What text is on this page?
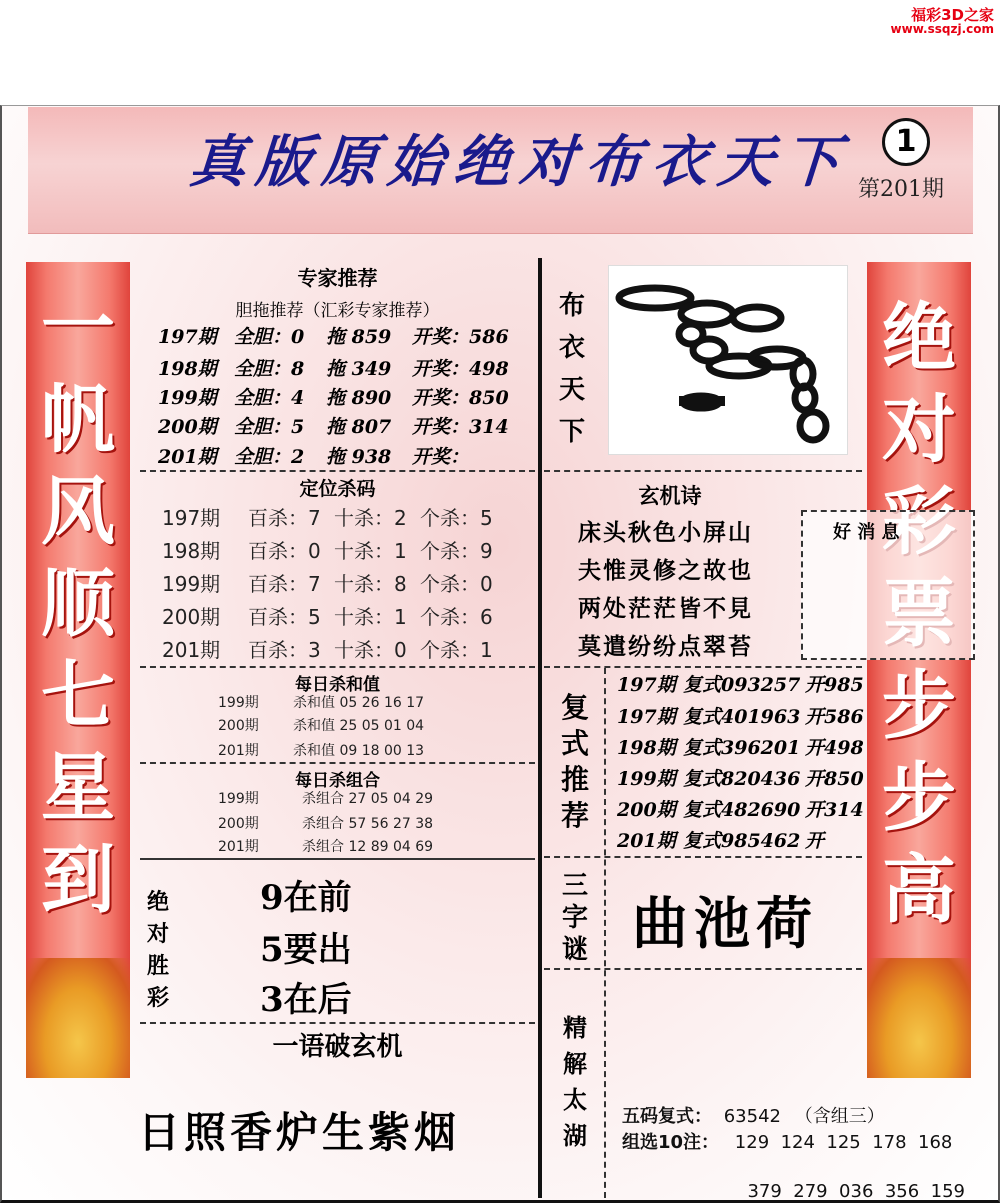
福彩3D之家
www.ssqzj.com
真版原始绝对布衣天下	1
第201期
一帆风顺七星到
绝对 步步高
专家推荐
胆拖推荐（汇彩专家推荐）
197期 全胆：0 拖 859 开奖：586
198期 全胆：8 拖 349 开奖：498
199期 全胆：4 拖 890 开奖：850
200期 全胆：5 拖 807 开奖：314
201期 全胆：2 拖 938 开奖：
定位杀码
197期 百杀：7 十杀：2 个杀：5
198期 百杀：0 十杀：1 个杀：9
199期 百杀：7 十杀：8 个杀：0
200期 百杀：5 十杀：1 个杀：6
201期 百杀：3 十杀：0 个杀：1
每日杀和值
199期 杀和值 05 26 16 17
200期 杀和值 25 05 01 04
201期 杀和值 09 18 00 13
每日杀组合
199期	杀组合 27 05 04 29
200期	杀组合 57 56 27 38
201期	杀组合 12 89 04 69
绝
对
胜
彩
9在前
5要出
3在后
一语破玄机
日照香炉生紫烟
布
衣
天
下
玄机诗
床头秋色小屏山
夫惟灵修之故也
两处茫茫皆不見
莫遣纷纷点翠苔
好 消 息
复
式
推
荐
197期 复式093257 开985
197期 复式401963 开586
198期 复式396201 开498
199期 复式820436 开850
200期 复式482690 开314
201期 复式985462 开
三
字
谜 曲池荷
精
解
太
湖
五码复式： 63542 （含组三）
组选10注： 129  124  125  178  168

379  279  036  356  159
